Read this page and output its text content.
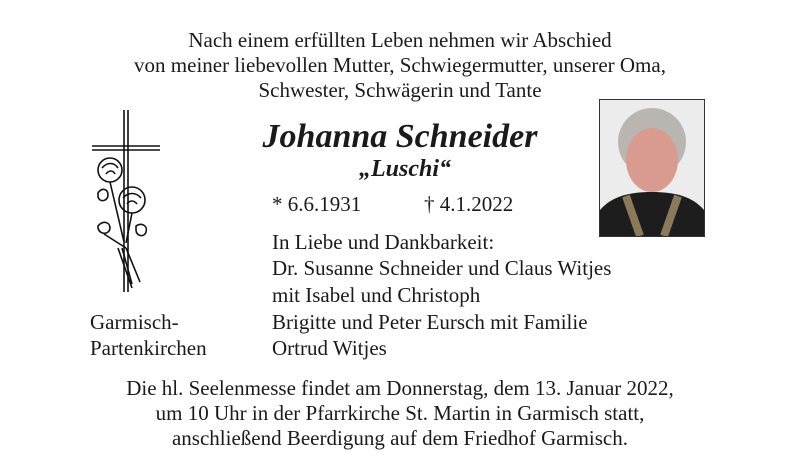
Nach einem erfüllten Leben nehmen wir Abschied
von meiner liebevollen Mutter, Schwiegermutter, unserer Oma,
Schwester, Schwägerin und Tante
Johanna Schneider
„Luschi“
* 6.6.1931	† 4.1.2022
In Liebe und Dankbarkeit:
Dr. Susanne Schneider und Claus Witjes
mit Isabel und Christoph
Brigitte und Peter Eursch mit Familie
Ortrud Witjes
Garmisch-
Partenkirchen
Die hl. Seelenmesse findet am Donnerstag, dem 13. Januar 2022,
um 10 Uhr in der Pfarrkirche St. Martin in Garmisch statt,
anschließend Beerdigung auf dem Friedhof Garmisch.
